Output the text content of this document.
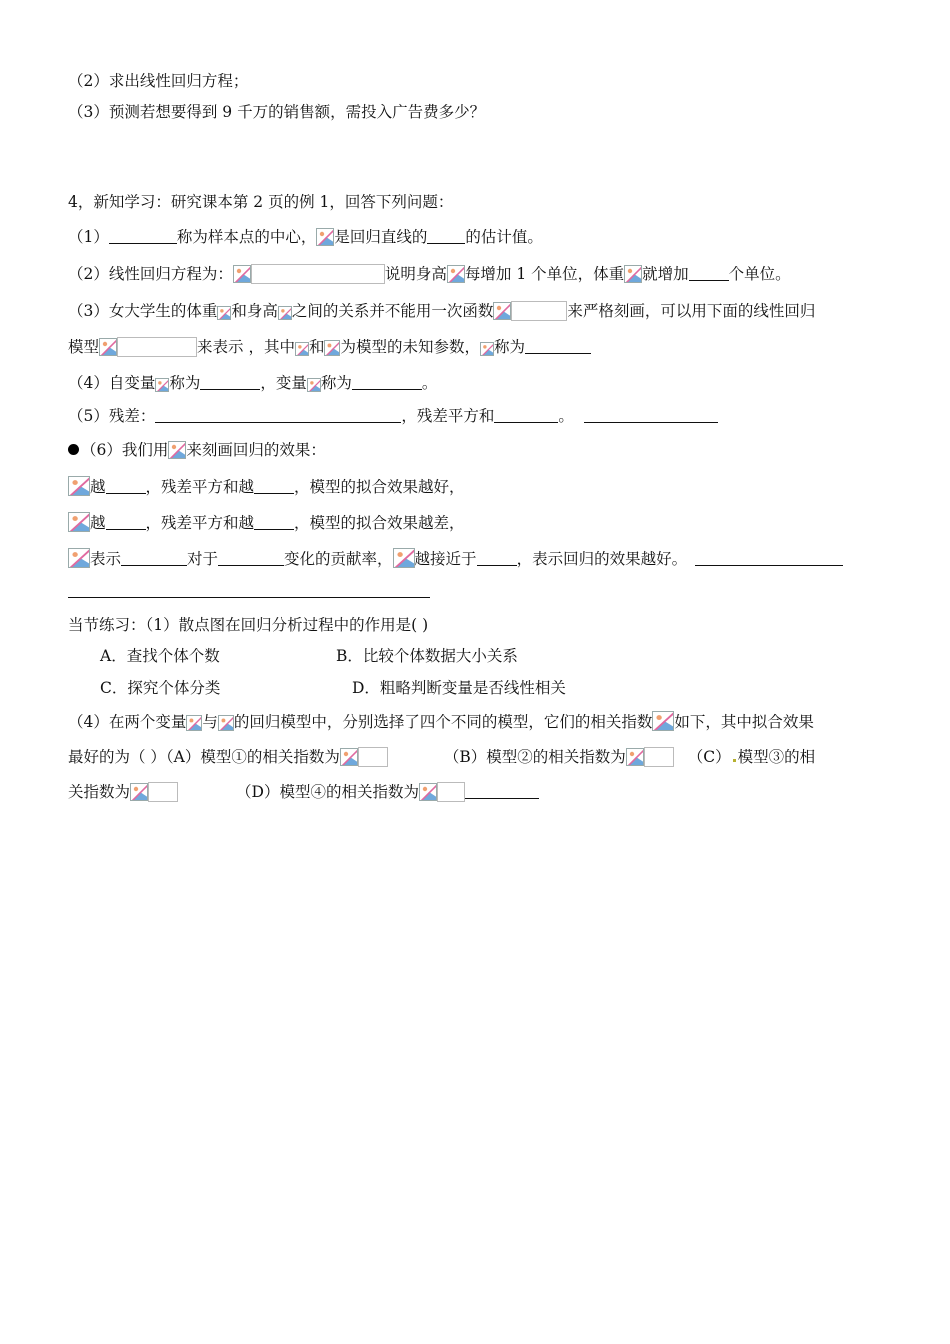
（2）求出线性回归方程；
（3）预测若想要得到 9 千万的销售额，需投入广告费多少？
4，新知学习：研究课本第 2 页的例 1，回答下列问题：
（1）	称为样本点的中心， 是回归直线的 的估计值。
（2）线性回归方程为：	说明身高 每增加 1 个单位，体重 就增加	个单位。
（3）女大学生的体重 和身高 之间的关系并不能用一次函数	来严格刻画，可以用下面的线性回归
模型	来表示 ，其中 和 为模型的未知参数， 称为
（4）自变量 称为	，变量 称为	。
（5）残差：	，残差平方和	。
（6）我们用 来刻画回归的效果：
越	，残差平方和越	，模型的拟合效果越好，
越	，残差平方和越	，模型的拟合效果越差，
表示	对于	变化的贡献率， 越接近于	，表示回归的效果越好。
当节练习：（1）散点图在回归分析过程中的作用是( )
A．查找个体个数	B．比较个体数据大小关系
C．探究个体分类	D．粗略判断变量是否线性相关
（4）在两个变量 与 的回归模型中，分别选择了四个不同的模型，它们的相关指数 如下，其中拟合效果
最好的为（ ）（A）模型①的相关指数为	（B）模型②的相关指数为	（C） 模型③的相
关指数为	（D）模型④的相关指数为
